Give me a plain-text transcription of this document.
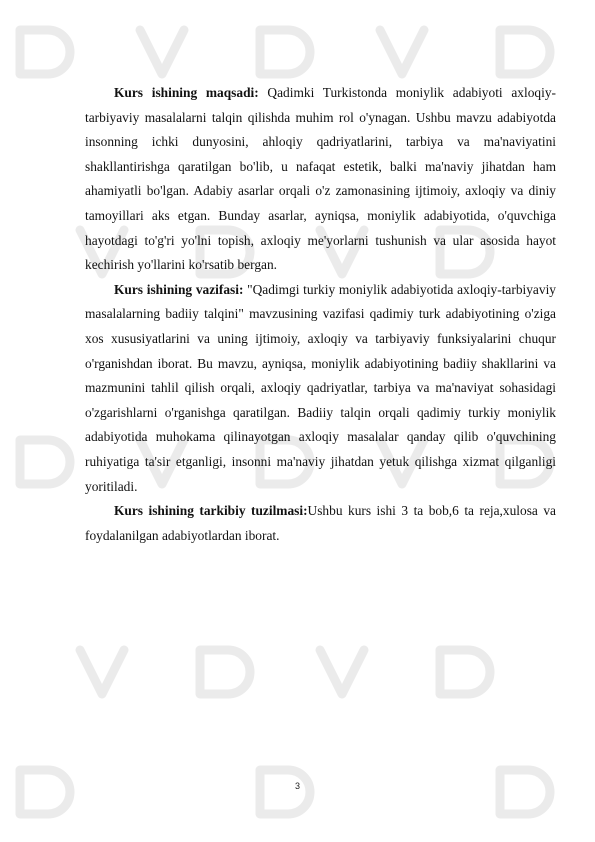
Kurs ishining maqsadi: Qadimki Turkistonda moniylik adabiyoti axloqiy-tarbiyaviy masalalarni talqin qilishda muhim rol o'ynagan. Ushbu mavzu adabiyotda insonning ichki dunyosini, ahloqiy qadriyatlarini, tarbiya va ma'naviyatini shakllantirishga qaratilgan bo'lib, u nafaqat estetik, balki ma'naviy jihatdan ham ahamiyatli bo'lgan. Adabiy asarlar orqali o'z zamonasining ijtimoiy, axloqiy va diniy tamoyillari aks etgan. Bunday asarlar, ayniqsa, moniylik adabiyotida, o'quvchiga hayotdagi to'g'ri yo'lni topish, axloqiy me'yorlarni tushunish va ular asosida hayot kechirish yo'llarini ko'rsatib bergan.

Kurs ishining vazifasi: "Qadimgi turkiy moniylik adabiyotida axloqiy-tarbiyaviy masalalarning badiiy talqini" mavzusining vazifasi qadimiy turk adabiyotining o'ziga xos xususiyatlarini va uning ijtimoiy, axloqiy va tarbiyaviy funksiyalarini chuqur o'rganishdan iborat. Bu mavzu, ayniqsa, moniylik adabiyotining badiiy shakllarini va mazmunini tahlil qilish orqali, axloqiy qadriyatlar, tarbiya va ma'naviyat sohasidagi o'zgarishlarni o'rganishga qaratilgan. Badiiy talqin orqali qadimiy turkiy moniylik adabiyotida muhokama qilinayotgan axloqiy masalalar qanday qilib o'quvchining ruhiyatiga ta'sir etganligi, insonni ma'naviy jihatdan yetuk qilishga xizmat qilganligi yoritiladi.

Kurs ishining tarkibiy tuzilmasi:Ushbu kurs ishi 3 ta bob,6 ta reja,xulosa va foydalanilgan adabiyotlardan iborat.

3
